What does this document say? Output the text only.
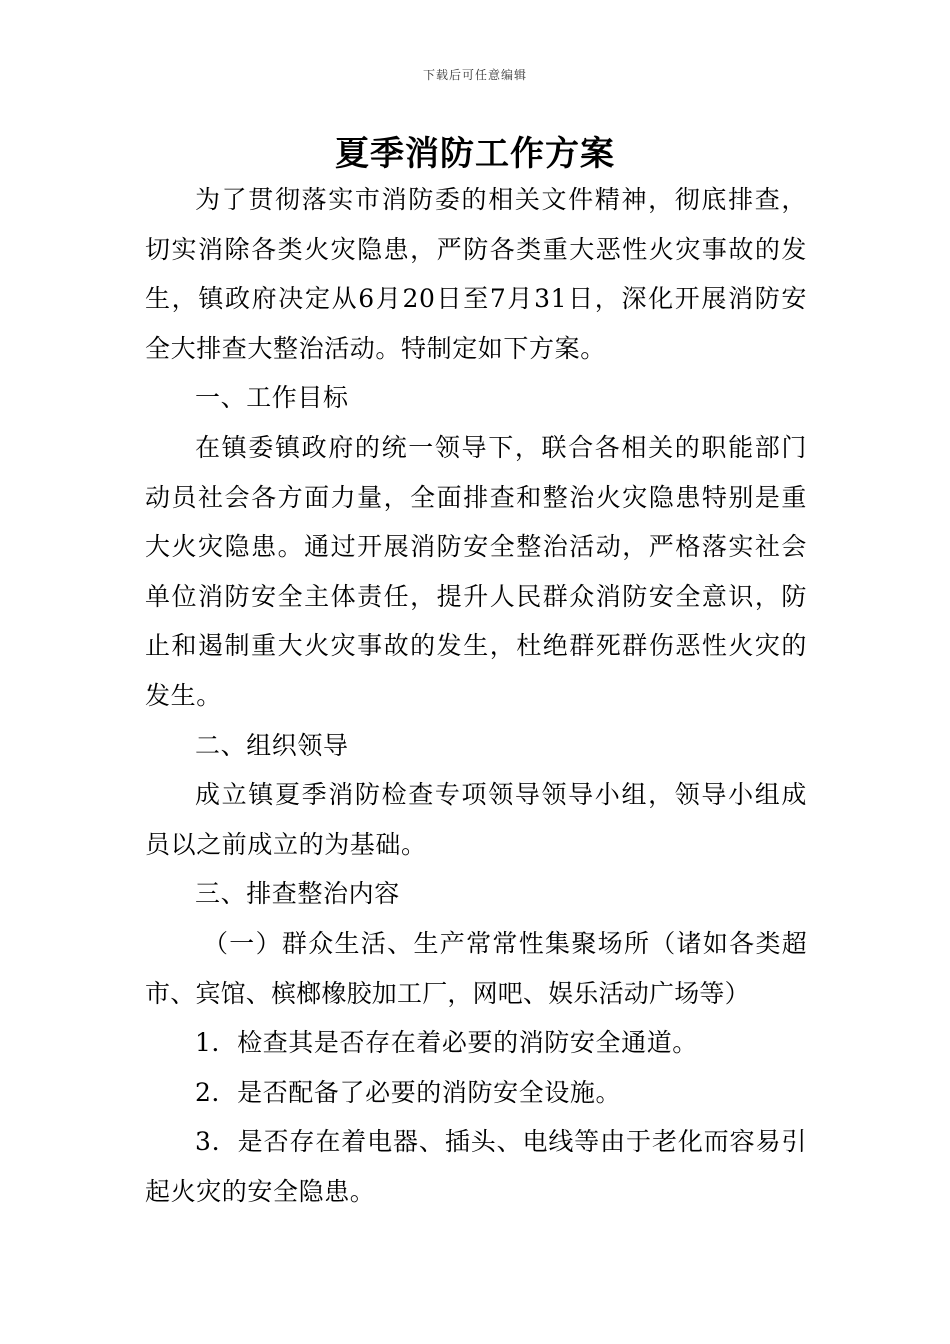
下载后可任意编辑
夏季消防工作方案

为了贯彻落实市消防委的相关文件精神，彻底排查，切实消除各类火灾隐患，严防各类重大恶性火灾事故的发生，镇政府决定从6月20日至7月31日，深化开展消防安全大排查大整治活动。特制定如下方案。

一、工作目标

在镇委镇政府的统一领导下，联合各相关的职能部门动员社会各方面力量，全面排查和整治火灾隐患特别是重大火灾隐患。通过开展消防安全整治活动，严格落实社会单位消防安全主体责任，提升人民群众消防安全意识，防止和遏制重大火灾事故的发生，杜绝群死群伤恶性火灾的发生。

二、组织领导

成立镇夏季消防检查专项领导领导小组，领导小组成员以之前成立的为基础。

三、排查整治内容

（一）群众生活、生产常常性集聚场所（诸如各类超市、宾馆、槟榔橡胶加工厂，网吧、娱乐活动广场等）

1．检查其是否存在着必要的消防安全通道。

2．是否配备了必要的消防安全设施。

3．是否存在着电器、插头、电线等由于老化而容易引起火灾的安全隐患。
